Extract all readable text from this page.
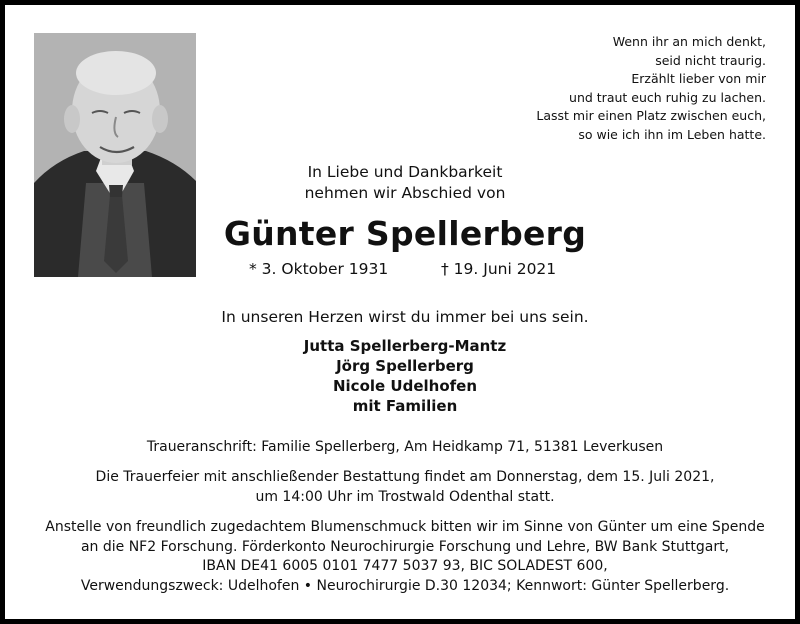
Wenn ihr an mich denkt,
seid nicht traurig.
Erzählt lieber von mir
und traut euch ruhig zu lachen.
Lasst mir einen Platz zwischen euch,
so wie ich ihn im Leben hatte.
In Liebe und Dankbarkeit
nehmen wir Abschied von
Günter Spellerberg
* 3. Oktober 1931	† 19. Juni 2021
In unseren Herzen wirst du immer bei uns sein.
Jutta Spellerberg-Mantz
Jörg Spellerberg
Nicole Udelhofen
mit Familien
Traueranschrift: Familie Spellerberg, Am Heidkamp 71, 51381 Leverkusen
Die Trauerfeier mit anschließender Bestattung findet am Donnerstag, dem 15. Juli 2021,
um 14:00 Uhr im Trostwald Odenthal statt.
Anstelle von freundlich zugedachtem Blumenschmuck bitten wir im Sinne von Günter um eine Spende
an die NF2 Forschung. Förderkonto Neurochirurgie Forschung und Lehre, BW Bank Stuttgart,
IBAN DE41 6005 0101 7477 5037 93, BIC SOLADEST 600,
Verwendungszweck: Udelhofen • Neurochirurgie D.30 12034; Kennwort: Günter Spellerberg.
